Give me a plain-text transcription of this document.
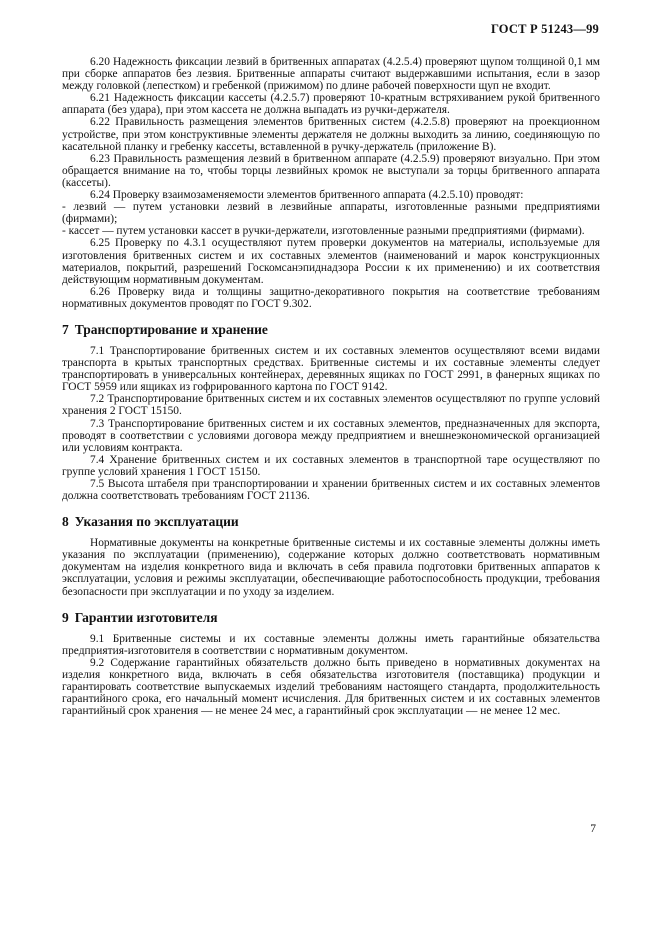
ГОСТ Р 51243—99

6.20 Надежность фиксации лезвий в бритвенных аппаратах (4.2.5.4) проверяют щупом толщиной 0,1 мм при сборке аппаратов без лезвия. Бритвенные аппараты считают выдержавшими испытания, если в зазор между головкой (лепестком) и гребенкой (прижимом) по длине рабочей поверхности щуп не входит.

6.21 Надежность фиксации кассеты (4.2.5.7) проверяют 10-кратным встряхиванием рукой бритвенного аппарата (без удара), при этом кассета не должна выпадать из ручки-держателя.

6.22 Правильность размещения элементов бритвенных систем (4.2.5.8) проверяют на проекционном устройстве, при этом конструктивные элементы держателя не должны выходить за линию, соединяющую по касательной планку и гребенку кассеты, вставленной в ручку-держатель (приложение В).

6.23 Правильность размещения лезвий в бритвенном аппарате (4.2.5.9) проверяют визуально. При этом обращается внимание на то, чтобы торцы лезвийных кромок не выступали за торцы бритвенного аппарата (кассеты).

6.24 Проверку взаимозаменяемости элементов бритвенного аппарата (4.2.5.10) проводят:

- лезвий — путем установки лезвий в лезвийные аппараты, изготовленные разными предприятиями (фирмами);

- кассет — путем установки кассет в ручки-держатели, изготовленные разными предприятиями (фирмами).

6.25 Проверку по 4.3.1 осуществляют путем проверки документов на материалы, используемые для изготовления бритвенных систем и их составных элементов (наименований и марок конструкционных материалов, покрытий, разрешений Госкомсанэпиднадзора России к их применению) и их соответствия действующим нормативным документам.

6.26 Проверку вида и толщины защитно-декоративного покрытия на соответствие требованиям нормативных документов проводят по ГОСТ 9.302.

7 Транспортирование и хранение

7.1 Транспортирование бритвенных систем и их составных элементов осуществляют всеми видами транспорта в крытых транспортных средствах. Бритвенные системы и их составные элементы следует транспортировать в универсальных контейнерах, деревянных ящиках по ГОСТ 2991, в фанерных ящиках по ГОСТ 5959 или ящиках из гофрированного картона по ГОСТ 9142.

7.2 Транспортирование бритвенных систем и их составных элементов осуществляют по группе условий хранения 2 ГОСТ 15150.

7.3 Транспортирование бритвенных систем и их составных элементов, предназначенных для экспорта, проводят в соответствии с условиями договора между предприятием и внешнеэкономической организацией или условиям контракта.

7.4 Хранение бритвенных систем и их составных элементов в транспортной таре осуществляют по группе условий хранения 1 ГОСТ 15150.

7.5 Высота штабеля при транспортировании и хранении бритвенных систем и их составных элементов должна соответствовать требованиям ГОСТ 21136.

8 Указания по эксплуатации

Нормативные документы на конкретные бритвенные системы и их составные элементы должны иметь указания по эксплуатации (применению), содержание которых должно соответствовать нормативным документам на изделия конкретного вида и включать в себя правила подготовки бритвенных аппаратов к эксплуатации, условия и режимы эксплуатации, обеспечивающие работоспособность продукции, требования безопасности при эксплуатации и по уходу за изделием.

9 Гарантии изготовителя

9.1 Бритвенные системы и их составные элементы должны иметь гарантийные обязательства предприятия-изготовителя в соответствии с нормативным документом.

9.2 Содержание гарантийных обязательств должно быть приведено в нормативных документах на изделия конкретного вида, включать в себя обязательства изготовителя (поставщика) продукции и гарантировать соответствие выпускаемых изделий требованиям настоящего стандарта, продолжительность гарантийного срока, его начальный момент исчисления. Для бритвенных систем и их составных элементов гарантийный срок хранения — не менее 24 мес, а гарантийный срок эксплуатации — не менее 12 мес.

7
